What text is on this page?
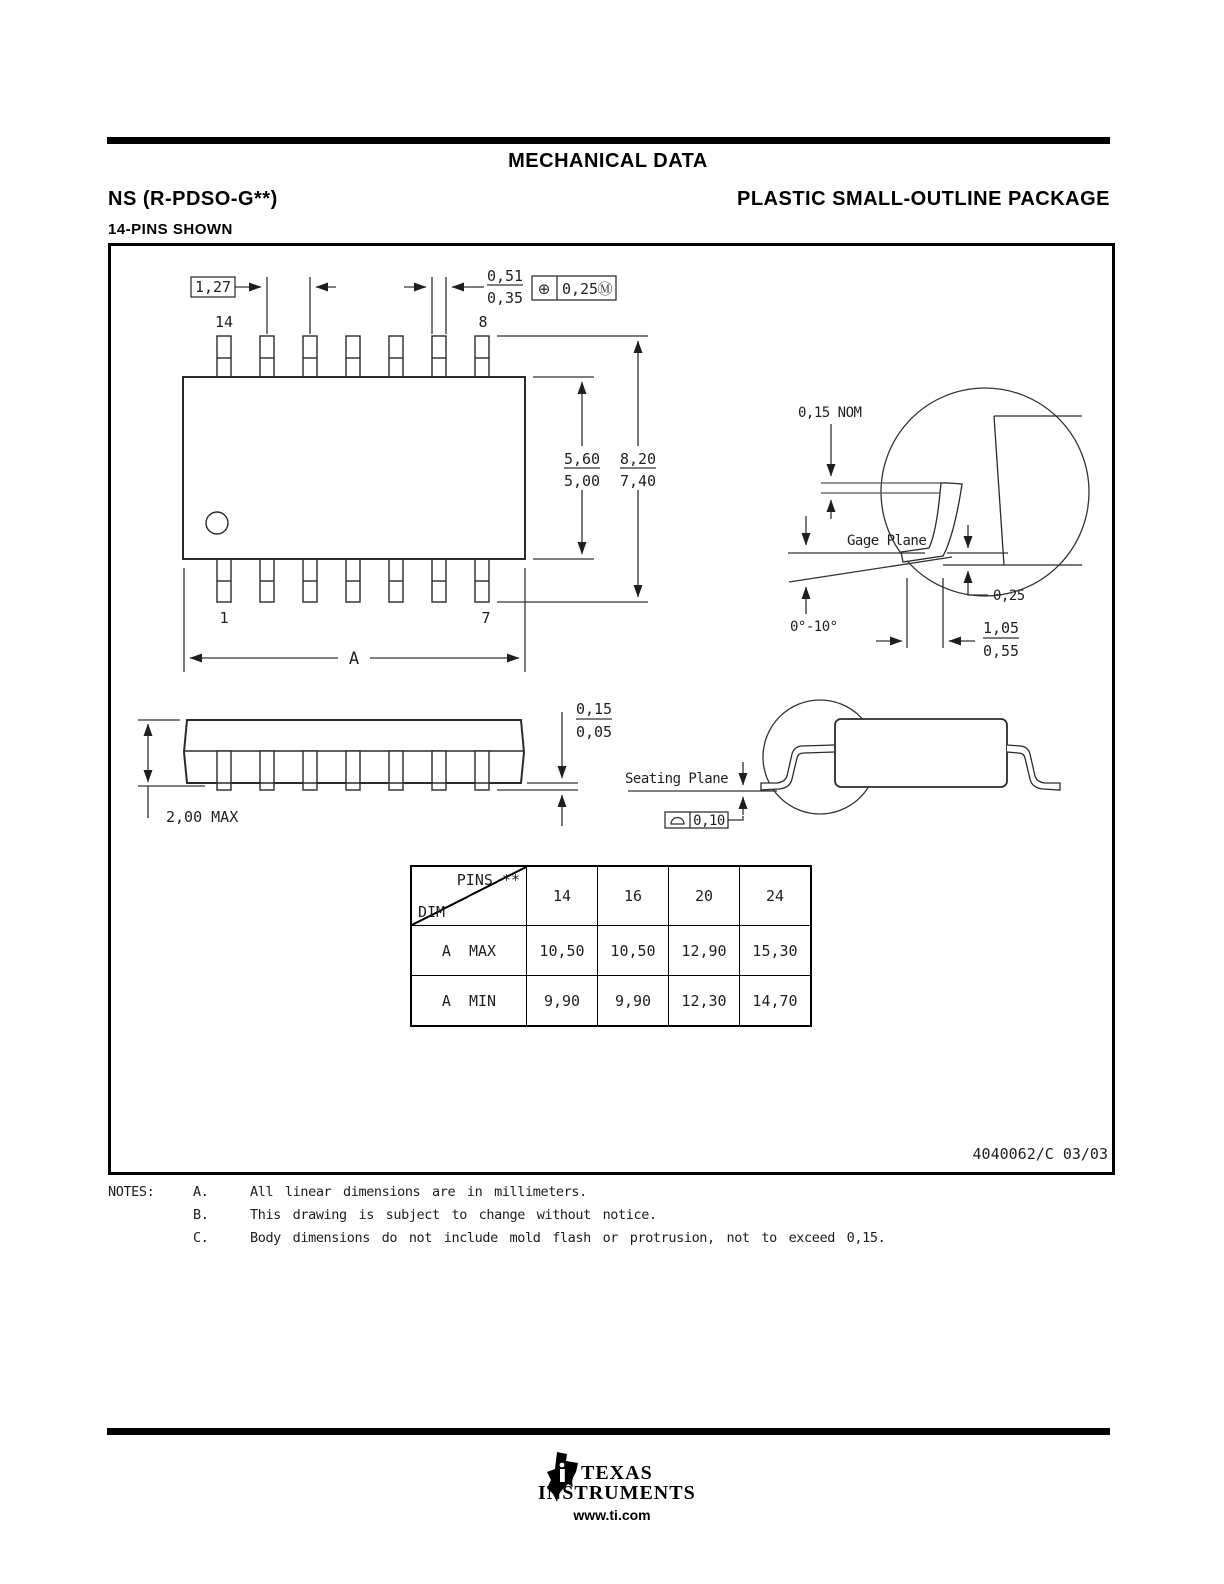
MECHANICAL DATA
NS (R-PDSO-G**)	PLASTIC SMALL-OUTLINE PACKAGE
14-PINS SHOWN
14	8
1	7
1,27
0,51
0,35 ⊕ 0,25 Ⓜ
5,60
5,00
8,20
7,40
A
2,00 MAX
0,15
0,05
Seating Plane
0,10
0,15 NOM
Gage Plane
0,25
0°-10°	1,05
0,55
4040062/C 03/03
PINS **
DIM
14	16	20	24
A  MAX	10,50	10,50	12,90	15,30
A  MIN	9,90	9,90	12,30	14,70
NOTES:	A.	All linear dimensions are in millimeters.
B.	This drawing is subject to change without notice.
C.	Body dimensions do not include mold flash or protrusion, not to exceed 0,15.
TEXAS
INSTRUMENTS
www.ti.com
